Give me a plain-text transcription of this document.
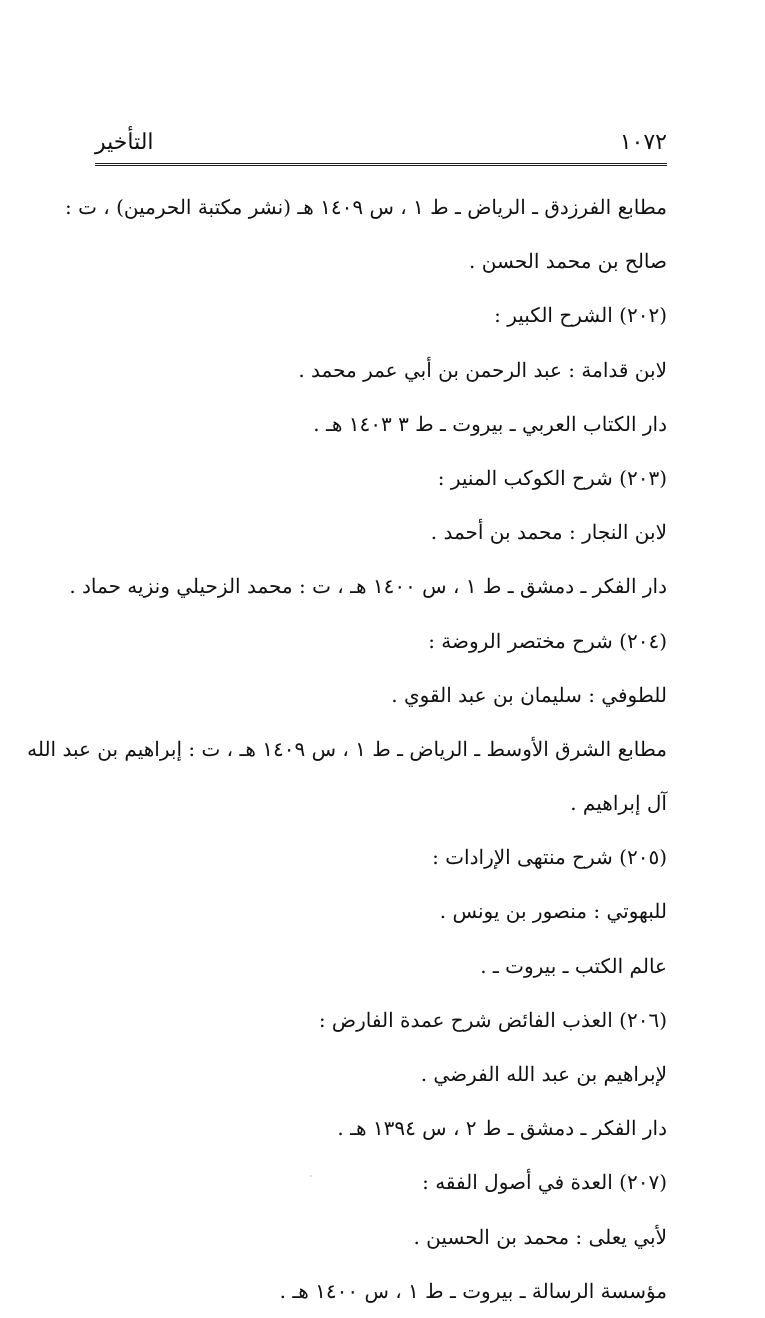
التأخير	١٠٧٢
مطابع الفرزدق ـ الرياض ـ ط ١ ، س ١٤٠٩ هـ (نشر مكتبة الحرمين) ، ت :
صالح بن محمد الحسن .
(٢٠٢) الشرح الكبير :
لابن قدامة : عبد الرحمن بن أبي عمر محمد .
دار الكتاب العربي ـ بيروت ـ ط ٣ ١٤٠٣ هـ .
(٢٠٣) شرح الكوكب المنير :
لابن النجار : محمد بن أحمد .
دار الفكر ـ دمشق ـ ط ١ ، س ١٤٠٠ هـ ، ت : محمد الزحيلي ونزيه حماد .
(٢٠٤) شرح مختصر الروضة :
للطوفي : سليمان بن عبد القوي .
مطابع الشرق الأوسط ـ الرياض ـ ط ١ ، س ١٤٠٩ هـ ، ت : إبراهيم بن عبد الله
آل إبراهيم .
(٢٠٥) شرح منتهى الإرادات :
للبهوتي : منصور بن يونس .
عالم الكتب ـ بيروت ـ .
(٢٠٦) العذب الفائض شرح عمدة الفارض :
لإبراهيم بن عبد الله الفرضي .
دار الفكر ـ دمشق ـ ط ٢ ، س ١٣٩٤ هـ .
(٢٠٧) العدة في أصول الفقه :
لأبي يعلى : محمد بن الحسين .
مؤسسة الرسالة ـ بيروت ـ ط ١ ، س ١٤٠٠ هـ .
